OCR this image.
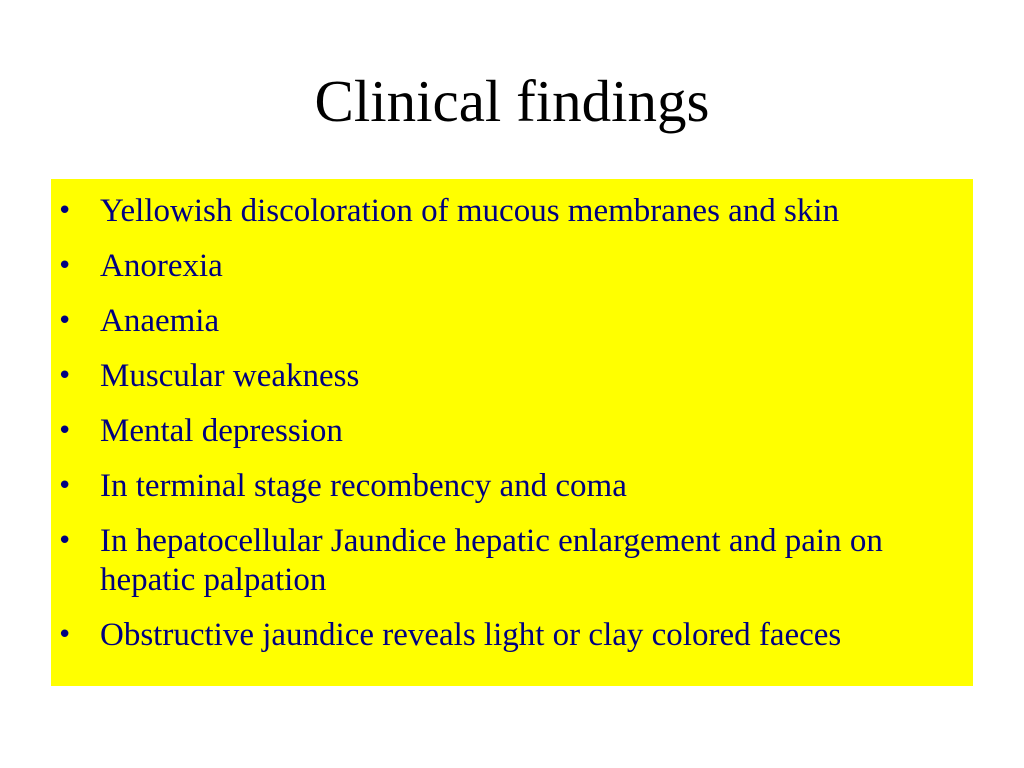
Clinical findings
• Yellowish discoloration of mucous membranes and skin
• Anorexia
• Anaemia
• Muscular weakness
• Mental depression
• In terminal stage recombency and coma
• In hepatocellular Jaundice hepatic enlargement and pain on hepatic palpation
• Obstructive jaundice reveals light or clay colored faeces
